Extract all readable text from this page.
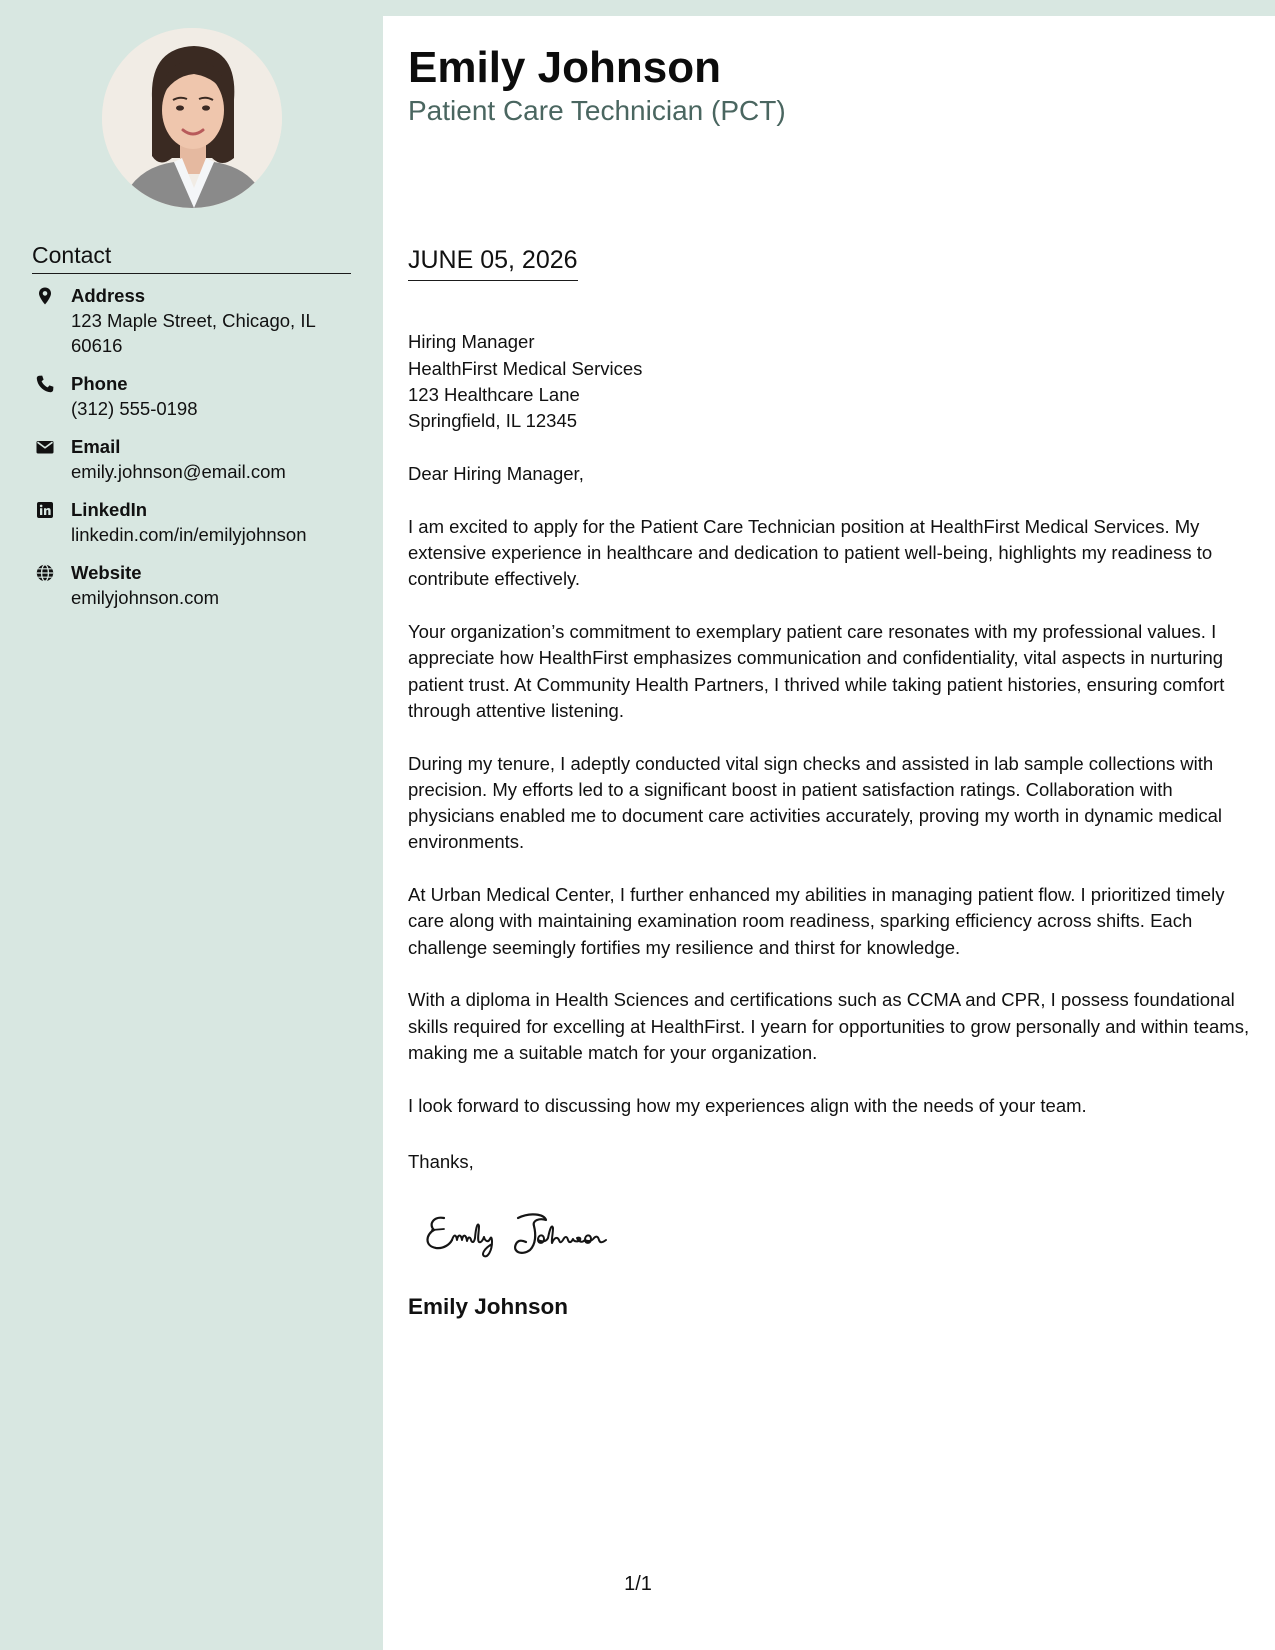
Contact
Address
123 Maple Street, Chicago, IL
60616
Phone
(312) 555-0198
Email
emily.johnson@email.com
LinkedIn
linkedin.com/in/emilyjohnson
Website
emilyjohnson.com
Emily Johnson
Patient Care Technician (PCT)
JUNE 05, 2026

Hiring Manager
HealthFirst Medical Services
123 Healthcare Lane
Springfield, IL 12345

Dear Hiring Manager,

I am excited to apply for the Patient Care Technician position at HealthFirst Medical Services. My extensive experience in healthcare and dedication to patient well-being, highlights my readiness to contribute effectively.

Your organization’s commitment to exemplary patient care resonates with my professional values. I appreciate how HealthFirst emphasizes communication and confidentiality, vital aspects in nurturing patient trust. At Community Health Partners, I thrived while taking patient histories, ensuring comfort through attentive listening.

During my tenure, I adeptly conducted vital sign checks and assisted in lab sample collections with precision. My efforts led to a significant boost in patient satisfaction ratings. Collaboration with physicians enabled me to document care activities accurately, proving my worth in dynamic medical environments.

At Urban Medical Center, I further enhanced my abilities in managing patient flow. I prioritized timely care along with maintaining examination room readiness, sparking efficiency across shifts. Each challenge seemingly fortifies my resilience and thirst for knowledge.

With a diploma in Health Sciences and certifications such as CCMA and CPR, I possess foundational skills required for excelling at HealthFirst. I yearn for opportunities to grow personally and within teams, making me a suitable match for your organization.

I look forward to discussing how my experiences align with the needs of your team.

Thanks,
Emily Johnson
1/1
